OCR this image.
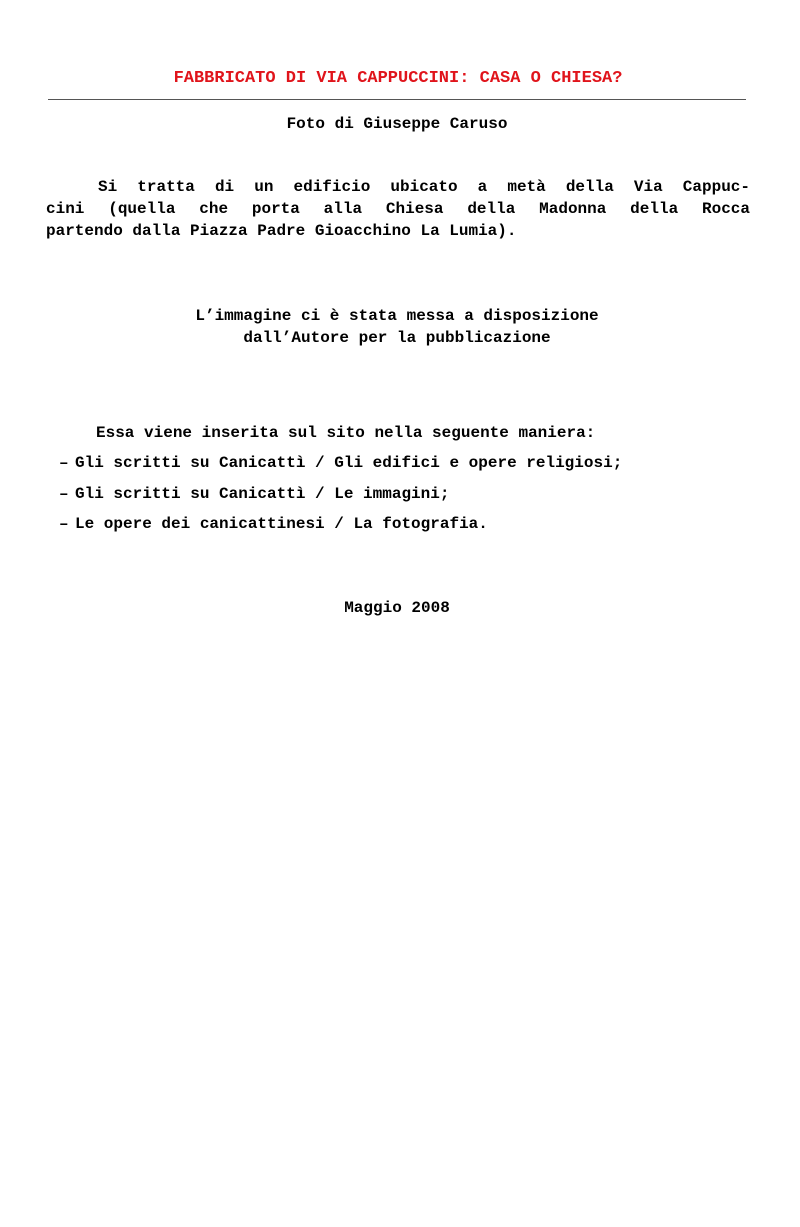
FABBRICATO DI VIA CAPPUCCINI: CASA O CHIESA?
Foto di Giuseppe Caruso
Si tratta di un edificio ubicato a metà della Via Cappuc-
cini (quella che porta alla Chiesa della Madonna della Rocca
partendo dalla Piazza Padre Gioacchino La Lumia).
L’immagine ci è stata messa a disposizione
dall’Autore per la pubblicazione
Essa viene inserita sul sito nella seguente maniera:
– Gli scritti su Canicattì / Gli edifici e opere religiosi;
– Gli scritti su Canicattì / Le immagini;
– Le opere dei canicattinesi / La fotografia.
Maggio 2008
